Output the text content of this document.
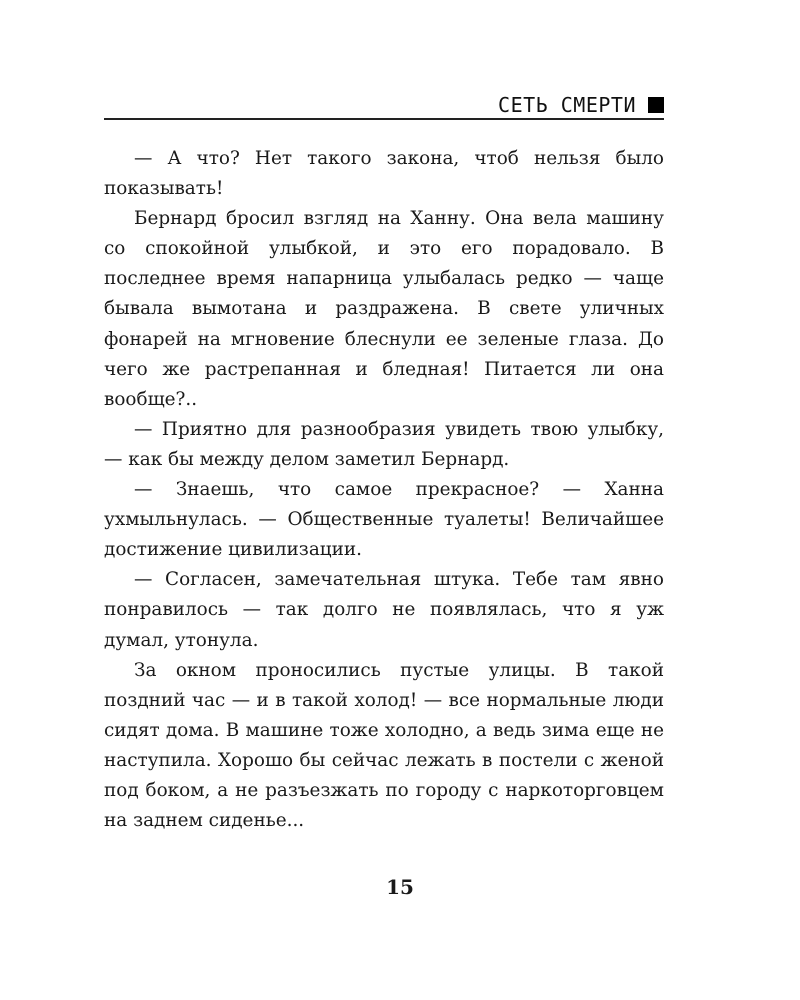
СЕТЬ СМЕРТИ

— А что? Нет такого закона, чтоб нельзя было показывать!

Бернард бросил взгляд на Ханну. Она вела машину со спокойной улыбкой, и это его порадовало. В последнее время напарница улыбалась редко — чаще бывала вымотана и раздражена. В свете уличных фонарей на мгновение блеснули ее зеленые глаза. До чего же растрепанная и бледная! Питается ли она вообще?..

— Приятно для разнообразия увидеть твою улыбку, — как бы между делом заметил Бернард.

— Знаешь, что самое прекрасное? — Ханна ухмыльнулась. — Общественные туалеты! Величайшее достижение цивилизации.

— Согласен, замечательная штука. Тебе там явно понравилось — так долго не появлялась, что я уж думал, утонула.

За окном проносились пустые улицы. В такой поздний час — и в такой холод! — все нормальные люди сидят дома. В машине тоже холодно, а ведь зима еще не наступила. Хорошо бы сейчас лежать в постели с женой под боком, а не разъезжать по городу с наркоторговцем на заднем сиденье...

15
